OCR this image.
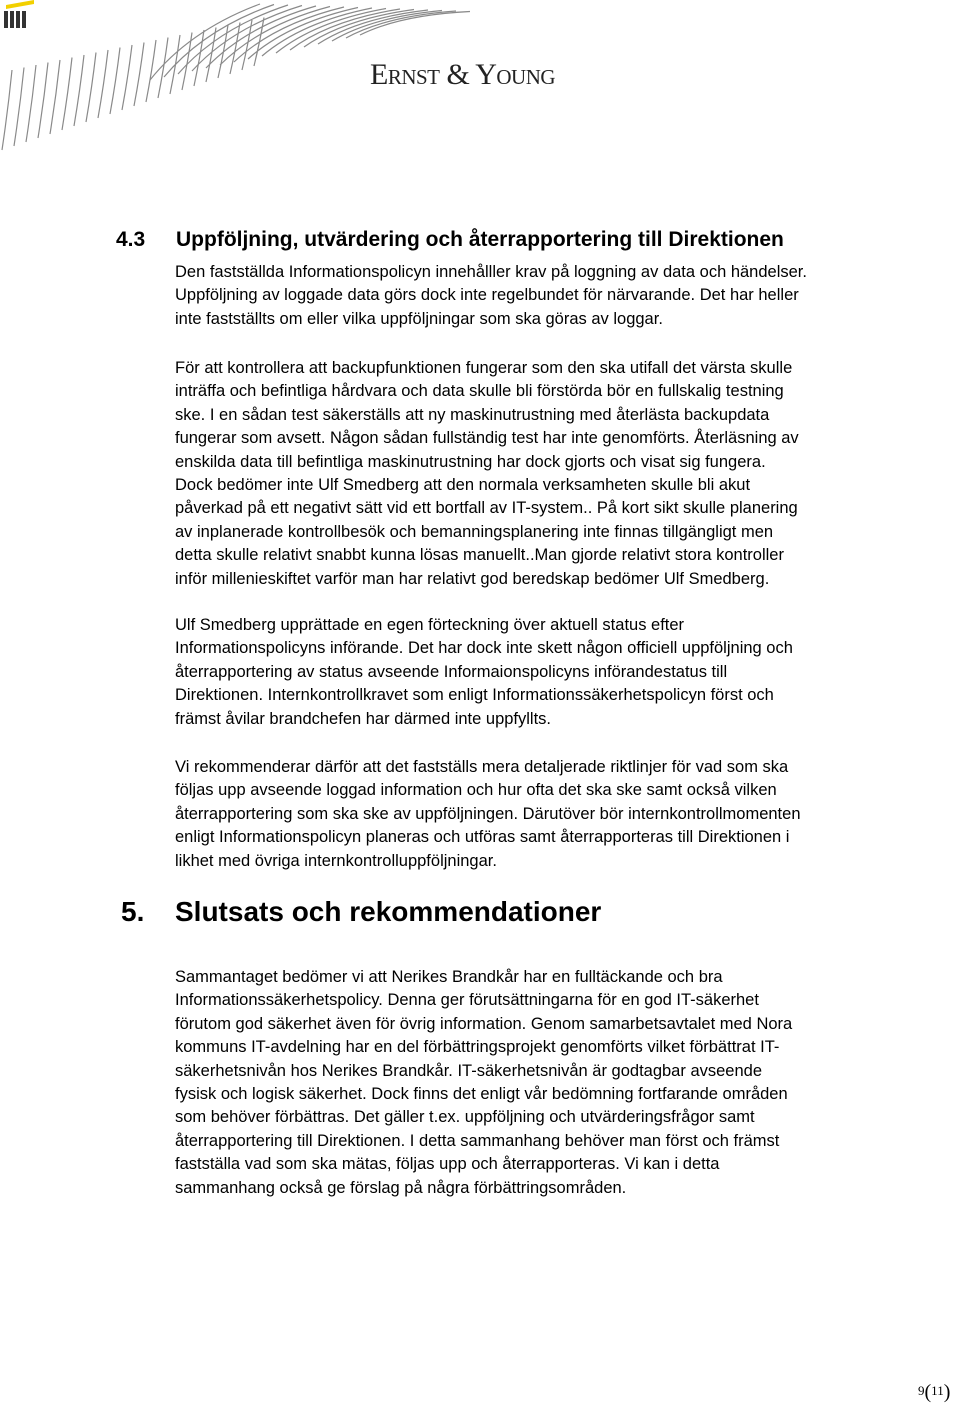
Ernst & Young
4.3 Uppföljning, utvärdering och återrapportering till Direktionen
Den fastställda Informationspolicyn innehålller krav på loggning av data och händelser.
Uppföljning av loggade data görs dock inte regelbundet för närvarande. Det har heller
inte fastställts om eller vilka uppföljningar som ska göras av loggar.
För att kontrollera att backupfunktionen fungerar som den ska utifall det värsta skulle
inträffa och befintliga hårdvara och data skulle bli förstörda bör en fullskalig testning
ske. I en sådan test säkerställs att ny maskinutrustning med återlästa backupdata
fungerar som avsett. Någon sådan fullständig test har inte genomförts. Återläsning av
enskilda data till befintliga maskinutrustning har dock gjorts och visat sig fungera.
Dock bedömer inte Ulf Smedberg att den normala verksamheten skulle bli akut
påverkad på ett negativt sätt vid ett bortfall av IT-system.. På kort sikt skulle planering
av inplanerade kontrollbesök och bemanningsplanering inte finnas tillgängligt men
detta skulle relativt snabbt kunna lösas manuellt..Man gjorde relativt stora kontroller
inför millenieskiftet varför man har relativt god beredskap bedömer Ulf Smedberg.
Ulf Smedberg upprättade en egen förteckning över aktuell status efter
Informationspolicyns införande. Det har dock inte skett någon officiell uppföljning och
återrapportering av status avseende Informaionspolicyns införandestatus till
Direktionen. Internkontrollkravet som enligt Informationssäkerhetspolicyn först och
främst åvilar brandchefen har därmed inte uppfyllts.
Vi rekommenderar därför att det fastställs mera detaljerade riktlinjer för vad som ska
följas upp avseende loggad information och hur ofta det ska ske samt också vilken
återrapportering som ska ske av uppföljningen. Därutöver bör internkontrollmomenten
enligt Informationspolicyn planeras och utföras samt återrapporteras till Direktionen i
likhet med övriga internkontrolluppföljningar.
5. Slutsats och rekommendationer
Sammantaget bedömer vi att Nerikes Brandkår har en fulltäckande och bra
Informationssäkerhetspolicy. Denna ger förutsättningarna för en god IT-säkerhet
förutom god säkerhet även för övrig information. Genom samarbetsavtalet med Nora
kommuns IT-avdelning har en del förbättringsprojekt genomförts vilket förbättrat IT-
säkerhetsnivån hos Nerikes Brandkår. IT-säkerhetsnivån är godtagbar avseende
fysisk och logisk säkerhet. Dock finns det enligt vår bedömning fortfarande områden
som behöver förbättras. Det gäller t.ex. uppföljning och utvärderingsfrågor samt
återrapportering till Direktionen. I detta sammanhang behöver man först och främst
fastställa vad som ska mätas, följas upp och återrapporteras. Vi kan i detta
sammanhang också ge förslag på några förbättringsområden.
9(11)
